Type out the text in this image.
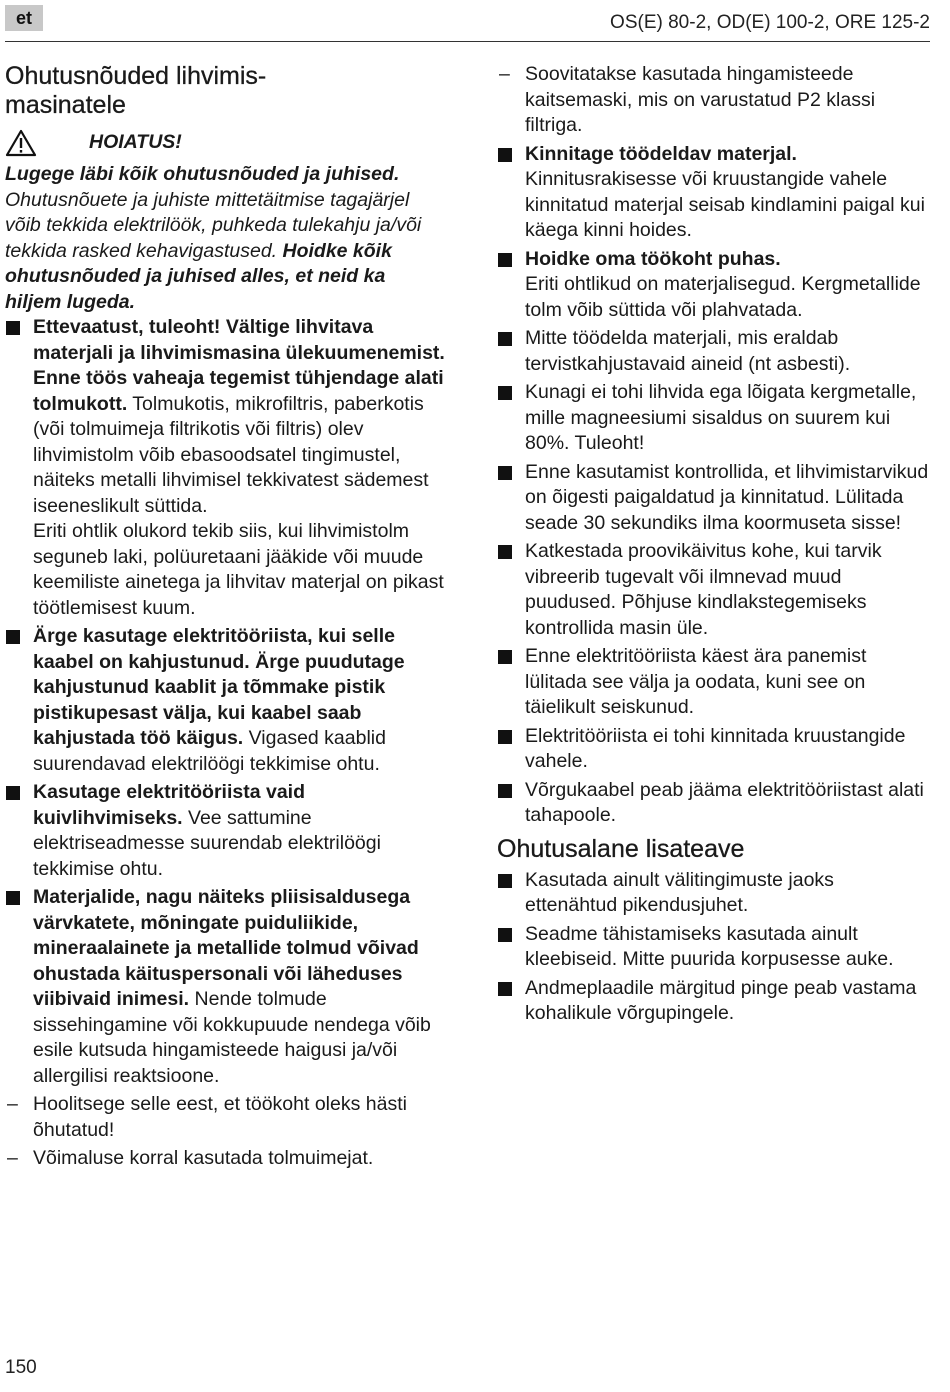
et	OS(E) 80-2, OD(E) 100-2, ORE 125-2
Ohutusnõuded lihvimis-
masinatele
HOIATUS!

Lugege läbi kõik ohutusnõuded ja juhised. Ohutusnõuete ja juhiste mittetäitmise tagajärjel võib tekkida elektrilöök, puhkeda tulekahju ja/või tekkida rasked kehavigastused. Hoidke kõik ohutusnõuded ja juhised alles, et neid ka hiljem lugeda.

Ettevaatust, tuleoht! Vältige lihvitava materjali ja lihvimismasina ülekuumenemist. Enne töös vaheaja tegemist tühjendage alati tolmukott. Tolmukotis, mikrofiltris, paberkotis (või tolmuimeja filtrikotis või filtris) olev lihvimistolm võib ebasoodsatel tingimustel, näiteks metalli lihvimisel tekkivatest sädemest iseeneslikult süttida.
Eriti ohtlik olukord tekib siis, kui lihvimistolm seguneb laki, polüuretaani jääkide või muude keemiliste ainetega ja lihvitav materjal on pikast töötlemisest kuum.
Ärge kasutage elektritööriista, kui selle kaabel on kahjustunud. Ärge puudutage kahjustunud kaablit ja tõmmake pistik pistikupesast välja, kui kaabel saab kahjustada töö käigus. Vigased kaablid suurendavad elektrilöögi tekkimise ohtu.
Kasutage elektritööriista vaid kuivlihvimiseks. Vee sattumine elektriseadmesse suurendab elektrilöögi tekkimise ohtu.
Materjalide, nagu näiteks pliisisaldusega värvkatete, mõningate puiduliikide, mineraalainete ja metallide tolmud võivad ohustada käituspersonali või läheduses viibivaid inimesi. Nende tolmude sissehingamine või kokkupuude nendega võib esile kutsuda hingamisteede haigusi ja/või allergilisi reaktsioone.
– Hoolitsege selle eest, et töökoht oleks hästi õhutatud!
– Võimaluse korral kasutada tolmuimejat.
– Soovitatakse kasutada hingamisteede kaitsemaski, mis on varustatud P2 klassi filtriga.
Kinnitage töödeldav materjal.
Kinnitusrakisesse või kruustangide vahele kinnitatud materjal seisab kindlamini paigal kui käega kinni hoides.
Hoidke oma töökoht puhas.
Eriti ohtlikud on materjalisegud. Kergmetallide tolm võib süttida või plahvatada.
Mitte töödelda materjali, mis eraldab tervistkahjustavaid aineid (nt asbesti).
Kunagi ei tohi lihvida ega lõigata kergmetalle, mille magneesiumi sisaldus on suurem kui 80%. Tuleoht!
Enne kasutamist kontrollida, et lihvimistarvikud on õigesti paigaldatud ja kinnitatud. Lülitada seade 30 sekundiks ilma koormuseta sisse!
Katkestada proovikäivitus kohe, kui tarvik vibreerib tugevalt või ilmnevad muud puudused. Põhjuse kindlakstegemiseks kontrollida masin üle.
Enne elektritööriista käest ära panemist lülitada see välja ja oodata, kuni see on täielikult seiskunud.
Elektritööriista ei tohi kinnitada kruustangide vahele.
Võrgukaabel peab jääma elektritööriistast alati tahapoole.
Ohutusalane lisateave
Kasutada ainult välitingimuste jaoks ettenähtud pikendusjuhet.
Seadme tähistamiseks kasutada ainult kleebiseid. Mitte puurida korpusesse auke.
Andmeplaadile märgitud pinge peab vastama kohalikule võrgupingele.
150
